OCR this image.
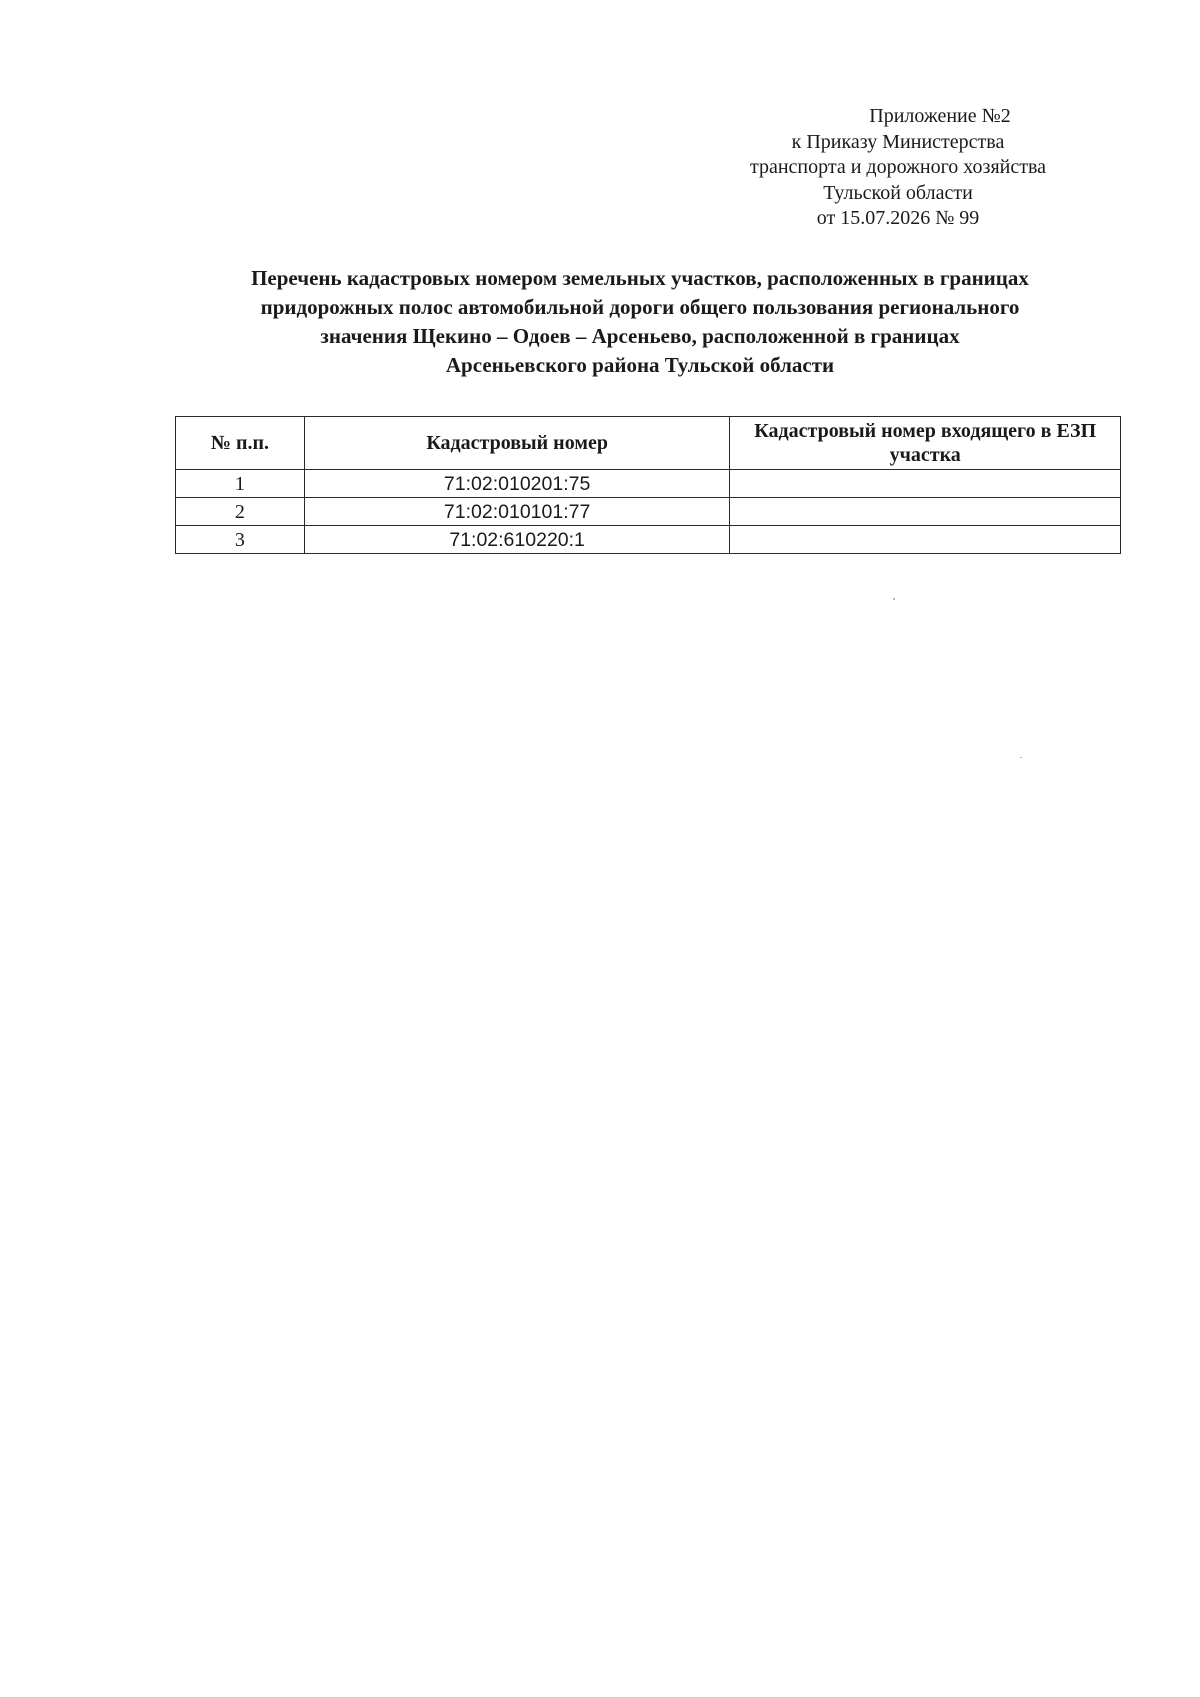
Приложение №2
к Приказу Министерства
транспорта и дорожного хозяйства
Тульской области
от 15.07.2026 № 99
Перечень кадастровых номером земельных участков, расположенных в границах
придорожных полос автомобильной дороги общего пользования регионального
значения Щекино – Одоев – Арсеньево, расположенной в границах
Арсеньевского района Тульской области
№ п.п.	Кадастровый номер	Кадастровый номер входящего в ЕЗП участка
1	71:02:010201:75	
2	71:02:010101:77	
3	71:02:610220:1	
